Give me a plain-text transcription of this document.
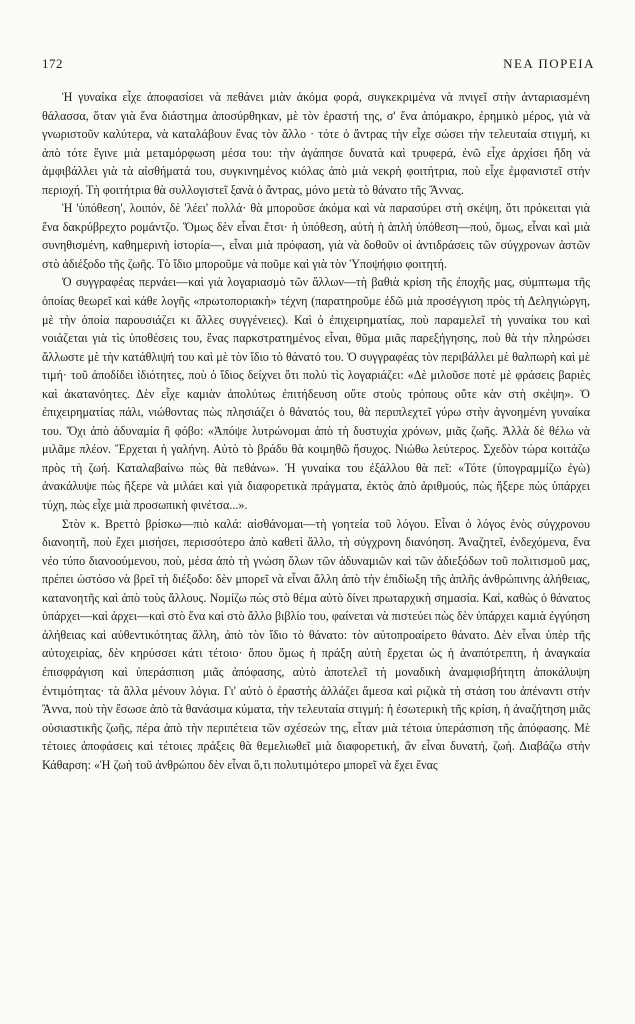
172	ΝΕΑ ΠΟΡΕΙΑ

Ἡ γυναίκα εἶχε ἀποφασίσει νὰ πεθάνει μιὰν ἀκόμα φορά, συγκεκριμένα νὰ πνιγεῖ στὴν ἀνταριασμένη θάλασσα, ὅταν γιὰ ἕνα διάστημα ἀποσύρθηκαν, μὲ τὸν ἐραστή της, σ' ἕνα ἀπόμακρο, ἐρημικὸ μέρος, γιὰ νὰ γνωριστοῦν καλύτερα, νὰ καταλάβουν ἕνας τὸν ἄλλο · τότε ὁ ἄντρας τὴν εἶχε σώσει τὴν τελευταία στιγμή, κι ἀπὸ τότε ἔγινε μιὰ μεταμόρφωση μέσα του: τὴν ἀγάπησε δυνατὰ καὶ τρυφερά, ἐνῶ εἶχε ἀρχίσει ἤδη νὰ ἀμφιβάλλει γιὰ τὰ αἰσθήματά του, συγκινημένος κιόλας ἀπὸ μιὰ νεκρὴ φοιτήτρια, ποὺ εἶχε ἐμφανιστεῖ στὴν περιοχή. Τὴ φοιτήτρια θὰ συλλογιστεῖ ξανὰ ὁ ἄντρας, μόνο μετὰ τὸ θάνατο τῆς Ἄννας.

Ἡ 'ὑπόθεση', λοιπόν, δὲ 'λέει' πολλά· θὰ μποροῦσε ἀκόμα καὶ νὰ παρασύρει στὴ σκέψη, ὅτι πρόκειται γιὰ ἕνα δακρύβρεχτο ρομάντζο. Ὅμως δὲν εἶναι ἔτσι· ἡ ὑπόθεση, αὐτὴ ἡ ἁπλὴ ὑπόθεση—πού, ὅμως, εἶναι καὶ μιὰ συνηθισμένη, καθημερινὴ ἱστορία—, εἶναι μιὰ πρόφαση, γιὰ νὰ δοθοῦν οἱ ἀντιδράσεις τῶν σύγχρονων ἀστῶν στὸ ἀδιέξοδο τῆς ζωῆς. Τὸ ἴδιο μποροῦμε νὰ ποῦμε καὶ γιὰ τὸν Ὑποψήφιο φοιτητή.

Ὁ συγγραφέας περνάει—καὶ γιὰ λογαριασμὸ τῶν ἄλλων—τὴ βαθιὰ κρίση τῆς ἐποχῆς μας, σύμπτωμα τῆς ὁποίας θεωρεῖ καὶ κάθε λογῆς «πρωτοποριακὴ» τέχνη (παρατηροῦμε ἐδῶ μιὰ προσέγγιση πρὸς τὴ Δεληγιώργη, μὲ τὴν ὁποία παρουσιάζει κι ἄλλες συγγένειες). Καὶ ὁ ἐπιχειρηματίας, ποὺ παραμελεῖ τὴ γυναίκα του καὶ νοιάζεται γιὰ τὶς ὑποθέσεις του, ἕνας παρκστρατημένος εἶναι, θῦμα μιᾶς παρεξήγησης, ποὺ θὰ τὴν πληρώσει ἄλλωστε μὲ τὴν κατάθλιψή του καὶ μὲ τὸν ἴδιο τὸ θάνατό του. Ὁ συγγραφέας τὸν περιβάλλει μὲ θαλπωρὴ καὶ μὲ τιμή· τοῦ ἀποδίδει ἰδιότητες, ποὺ ὁ ἴδιος δείχνει ὅτι πολὺ τὶς λογαριάζει: «Δὲ μιλοῦσε ποτὲ μὲ φράσεις βαριὲς καὶ ἀκατανόητες. Δὲν εἶχε καμιὰν ἀπολύτως ἐπιτήδευση οὔτε στοὺς τρόπους οὔτε κὰν στὴ σκέψη». Ὁ ἐπιχειρηματίας πάλι, νιώθοντας πὼς πλησιάζει ὁ θάνατός του, θὰ περιπλεχτεῖ γύρω στὴν ἀγνοημένη γυναίκα του. Ὄχι ἀπὸ ἀδυναμία ἢ φόβο: «Ἀπόψε λυτρώνομαι ἀπὸ τὴ δυστυχία χρόνων, μιᾶς ζωῆς. Ἀλλὰ δὲ θέλω νὰ μιλᾶμε πλέον. Ἔρχεται ἡ γαλήνη. Αὐτὸ τὸ βράδυ θὰ κοιμηθῶ ἥσυχος. Νιώθω λεύτερος. Σχεδὸν τώρα κοιτάζω πρὸς τὴ ζωή. Καταλαβαίνω πὼς θὰ πεθάνω». Ἡ γυναίκα του ἐξάλλου θὰ πεῖ: «Τότε (ὑπογραμμίζω ἐγὼ) ἀνακάλυψε πὼς ἤξερε νὰ μιλάει καὶ γιὰ διαφορετικὰ πράγματα, ἐκτὸς ἀπὸ ἀριθμούς, πὼς ἤξερε πὼς ὑπάρχει τύχη, πὼς εἶχε μιὰ προσωπικὴ φινέτσα...».

Στὸν κ. Βρεττὸ βρίσκω—πιὸ καλά: αἰσθάνομαι—τὴ γοητεία τοῦ λόγου. Εἶναι ὁ λόγος ἑνὸς σύγχρονου διανοητῆ, ποὺ ἔχει μισήσει, περισσότερο ἀπὸ καθετὶ ἄλλο, τὴ σύγχρονη διανόηση. Ἀναζητεῖ, ἐνδεχόμενα, ἕνα νέο τύπο διανοούμενου, ποὺ, μέσα ἀπὸ τὴ γνώση ὅλων τῶν ἀδυναμιῶν καὶ τῶν ἀδιεξόδων τοῦ πολιτισμοῦ μας, πρέπει ὡστόσο νὰ βρεῖ τὴ διέξοδο: δὲν μπορεῖ νὰ εἶναι ἄλλη ἀπὸ τὴν ἐπιδίωξη τῆς ἁπλῆς ἀνθρώπινης ἀλήθειας, κατανοητῆς καὶ ἀπὸ τοὺς ἄλλους. Νομίζω πὼς στὸ θέμα αὐτὸ δίνει πρωταρχικὴ σημασία. Καί, καθὼς ὁ θάνατος ὑπάρχει—καὶ ἀρχει—καὶ στὸ ἕνα καὶ στὸ ἄλλο βιβλίο του, φαίνεται νὰ πιστεύει πὼς δὲν ὑπάρχει καμιὰ ἐγγύηση ἀλήθειας καὶ αὐθεντικότητας ἄλλη, ἀπὸ τὸν ἴδιο τὸ θάνατο: τὸν αὐτοπροαίρετο θάνατο. Δὲν εἶναι ὑπὲρ τῆς αὐτοχειρίας, δὲν κηρύσσει κάτι τέτοιο· ὅπου ὅμως ἡ πράξη αὐτὴ ἔρχεται ὡς ἡ ἀναπότρεπτη, ἡ ἀναγκαία ἐπισφράγιση καὶ ὑπεράσπιση μιᾶς ἀπόφασης, αὐτὸ ἀποτελεῖ τὴ μοναδικὴ ἀναμφισβήτητη ἀποκάλυψη ἐντιμότητας· τὰ ἄλλα μένουν λόγια. Γι' αὐτὸ ὁ ἐραστὴς ἀλλάζει ἄμεσα καὶ ριζικὰ τὴ στάση του ἀπέναντι στὴν Ἄννα, ποὺ τὴν ἔσωσε ἀπὸ τὰ θανάσιμα κύματα, τὴν τελευταία στιγμή: ἡ ἐσωτερικὴ τῆς κρίση, ἡ ἀναζήτηση μιᾶς οὐσιαστικῆς ζωῆς, πέρα ἀπὸ τὴν περιπέτεια τῶν σχέσεών της, εἶταν μιὰ τέτοια ὑπεράσπιση τῆς ἀπόφασης. Μὲ τέτοιες ἀποφάσεις καὶ τέτοιες πράξεις θὰ θεμελιωθεῖ μιὰ διαφορετική, ἂν εἶναι δυνατή, ζωή. Διαβάζω στὴν Κάθαρση: «Ἡ ζωὴ τοῦ ἀνθρώπου δὲν εἶναι ὅ,τι πολυτιμότερο μπορεῖ νὰ ἔχει ἕνας
